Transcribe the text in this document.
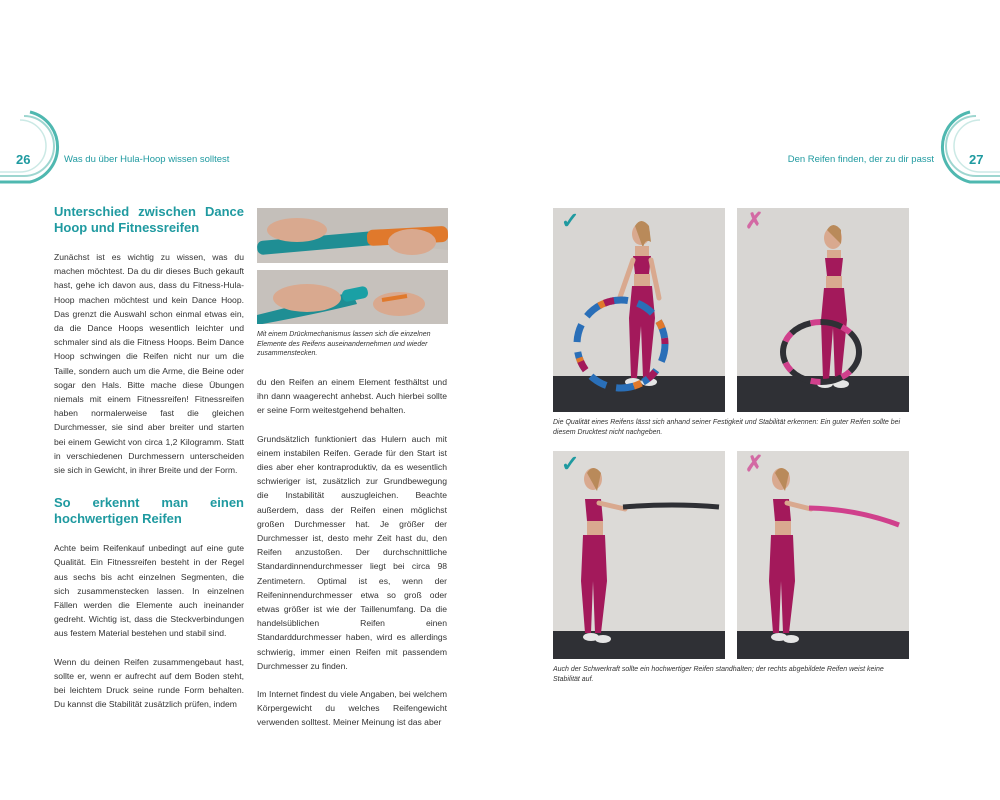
26	Was du über Hula-Hoop wissen solltest	Den Reifen finden, der zu dir passt	27
Unterschied zwischen Dance Hoop und Fitnessreifen

Zunächst ist es wichtig zu wissen, was du machen möchtest. Da du dir dieses Buch gekauft hast, gehe ich davon aus, dass du Fitness-Hula-Hoop machen möchtest und kein Dance Hoop. Das grenzt die Auswahl schon einmal etwas ein, da die Dance Hoops wesentlich leichter und schmaler sind als die Fitness Hoops. Beim Dance Hoop schwingen die Reifen nicht nur um die Taille, sondern auch um die Arme, die Beine oder sogar den Hals. Bitte mache diese Übungen niemals mit einem Fitnessreifen! Fitnessreifen haben normalerweise fast die gleichen Durchmesser, sie sind aber breiter und starten bei einem Gewicht von circa 1,2 Kilogramm. Statt in verschiedenen Durchmessern unterscheiden sie sich in Gewicht, in ihrer Breite und der Form.

So erkennt man einen hochwertigen Reifen

Achte beim Reifenkauf unbedingt auf eine gute Qualität. Ein Fitnessreifen besteht in der Regel aus sechs bis acht einzelnen Segmenten, die sich zusammenstecken lassen. In einzelnen Fällen werden die Elemente auch ineinander gedreht. Wichtig ist, dass die Steckverbindungen aus festem Material bestehen und stabil sind.

Wenn du deinen Reifen zusammengebaut hast, sollte er, wenn er aufrecht auf dem Boden steht, bei leichtem Druck seine runde Form behalten. Du kannst die Stabilität zusätzlich prüfen, indem

Mit einem Drückmechanismus lassen sich die einzelnen Elemente des Reifens auseinandernehmen und wieder zusammenstecken.

du den Reifen an einem Element festhältst und ihn dann waagerecht anhebst. Auch hierbei sollte er seine Form weitestgehend behalten.

Grundsätzlich funktioniert das Hulern auch mit einem instabilen Reifen. Gerade für den Start ist dies aber eher kontraproduktiv, da es wesentlich schwieriger ist, zusätzlich zur Grundbewegung die Instabilität auszugleichen. Beachte außerdem, dass der Reifen einen möglichst großen Durchmesser hat. Je größer der Durchmesser ist, desto mehr Zeit hast du, den Reifen anzustoßen. Der durchschnittliche Standardinnendurchmesser liegt bei circa 98 Zentimetern. Optimal ist es, wenn der Reifeninnendurchmesser etwa so groß oder etwas größer ist wie der Taillenumfang. Da die handelsüblichen Reifen einen Standarddurchmesser haben, wird es allerdings schwierig, immer einen Reifen mit passendem Durchmesser zu finden.

Im Internet findest du viele Angaben, bei welchem Körpergewicht du welches Reifengewicht verwenden solltest. Meiner Meinung ist das aber

✓	✗
Die Qualität eines Reifens lässt sich anhand seiner Festigkeit und Stabilität erkennen: Ein guter Reifen sollte bei diesem Drucktest nicht nachgeben.
✓	✗
Auch der Schwerkraft sollte ein hochwertiger Reifen standhalten; der rechts abgebildete Reifen weist keine Stabilität auf.
